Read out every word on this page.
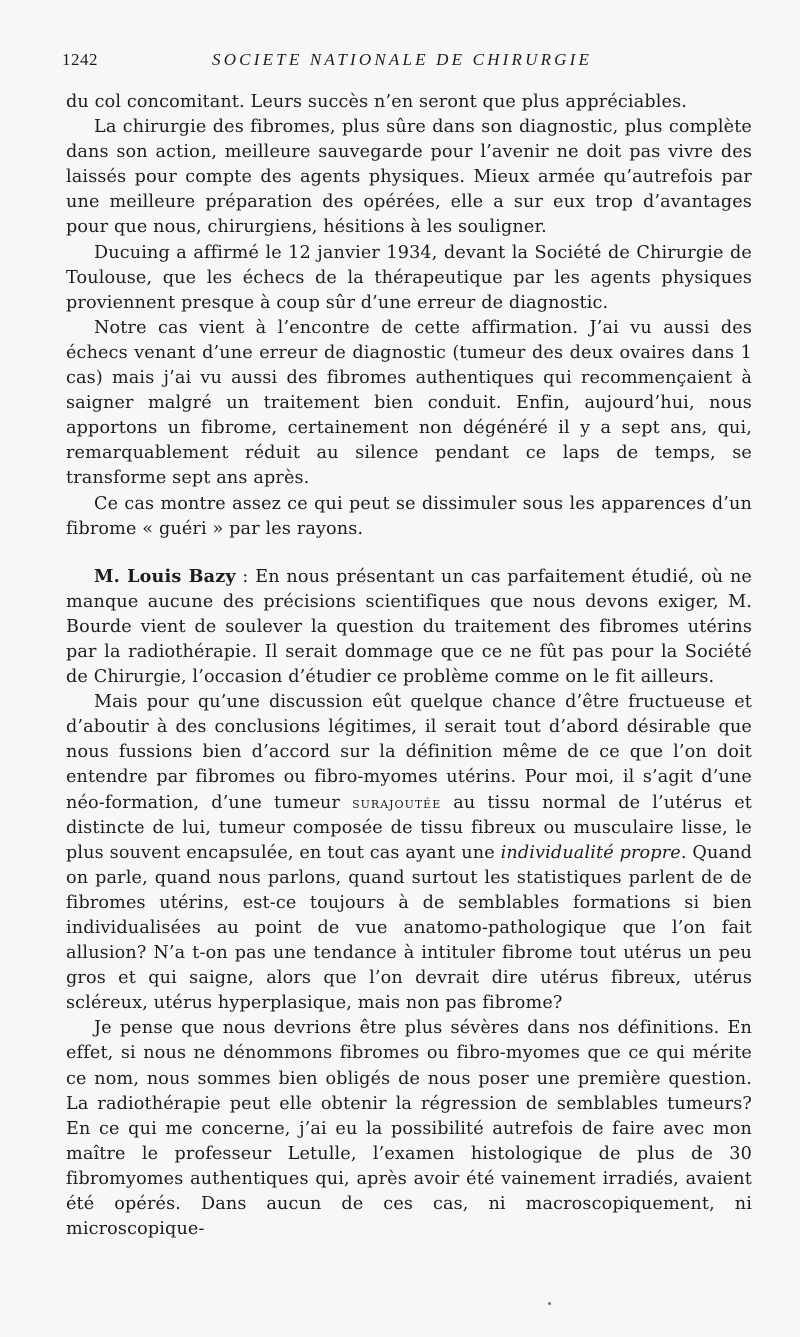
1242	SOCIETE NATIONALE DE CHIRURGIE

du col concomitant. Leurs succès n’en seront que plus appréciables.

La chirurgie des fibromes, plus sûre dans son diagnostic, plus complète dans son action, meilleure sauvegarde pour l’avenir ne doit pas vivre des laissés pour compte des agents physiques. Mieux armée qu’autrefois par une meilleure préparation des opérées, elle a sur eux trop d’avantages pour que nous, chirurgiens, hésitions à les souligner.

Ducuing a affirmé le 12 janvier 1934, devant la Société de Chirurgie de Toulouse, que les échecs de la thérapeutique par les agents physiques proviennent presque à coup sûr d’une erreur de diagnostic.

Notre cas vient à l’encontre de cette affirmation. J’ai vu aussi des échecs venant d’une erreur de diagnostic (tumeur des deux ovaires dans 1 cas) mais j’ai vu aussi des fibromes authentiques qui recommençaient à saigner malgré un traitement bien conduit. Enfin, aujourd’hui, nous apportons un fibrome, certainement non dégénéré il y a sept ans, qui, remarquablement réduit au silence pendant ce laps de temps, se transforme sept ans après.

Ce cas montre assez ce qui peut se dissimuler sous les apparences d’un fibrome « guéri » par les rayons.

M. Louis Bazy : En nous présentant un cas parfaitement étudié, où ne manque aucune des précisions scientifiques que nous devons exiger, M. Bourde vient de soulever la question du traitement des fibromes utérins par la radiothérapie. Il serait dommage que ce ne fût pas pour la Société de Chirurgie, l’occasion d’étudier ce problème comme on le fit ailleurs.

Mais pour qu’une discussion eût quelque chance d’être fructueuse et d’aboutir à des conclusions légitimes, il serait tout d’abord désirable que nous fussions bien d’accord sur la définition même de ce que l’on doit entendre par fibromes ou fibro-myomes utérins. Pour moi, il s’agit d’une néo-formation, d’une tumeur surajoutée au tissu normal de l’utérus et distincte de lui, tumeur composée de tissu fibreux ou musculaire lisse, le plus souvent encapsulée, en tout cas ayant une individualité propre. Quand on parle, quand nous parlons, quand surtout les statistiques parlent de de fibromes utérins, est-ce toujours à de semblables formations si bien individualisées au point de vue anatomo-pathologique que l’on fait allusion? N’a t-on pas une tendance à intituler fibrome tout utérus un peu gros et qui saigne, alors que l’on devrait dire utérus fibreux, utérus scléreux, utérus hyperplasique, mais non pas fibrome?

Je pense que nous devrions être plus sévères dans nos définitions. En effet, si nous ne dénommons fibromes ou fibro-myomes que ce qui mérite ce nom, nous sommes bien obligés de nous poser une première question. La radiothérapie peut elle obtenir la régression de semblables tumeurs? En ce qui me concerne, j’ai eu la possibilité autrefois de faire avec mon maître le professeur Letulle, l’examen histologique de plus de 30 fibromyomes authentiques qui, après avoir été vainement irradiés, avaient été opérés. Dans aucun de ces cas, ni macroscopiquement, ni microscopique-
